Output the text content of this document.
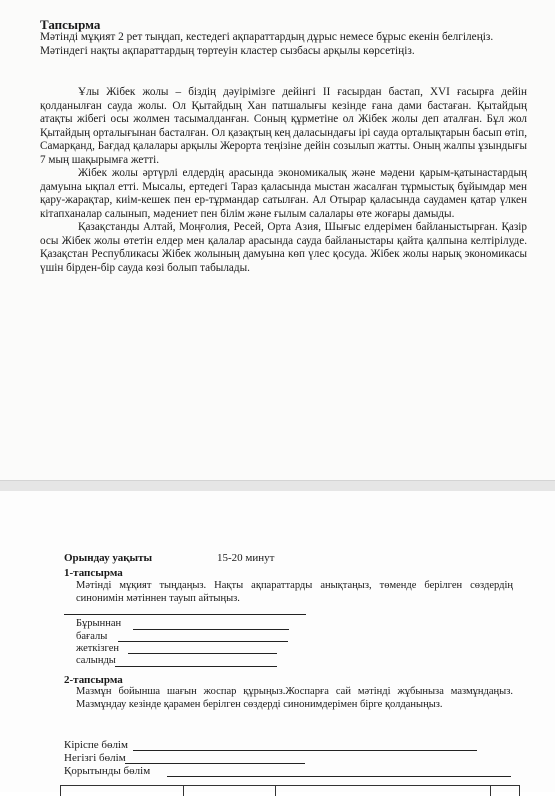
Тапсырма

Мәтінді мұқият 2 рет тыңдап, кестедегі ақпараттардың дұрыс немесе бұрыс екенін белгілеңіз. Мәтіндегі нақты ақпараттардың төртеуін кластер сызбасы арқылы көрсетіңіз.

Ұлы Жібек жолы – біздің дәуірімізге дейінгі II ғасырдан бастап, XVI ғасырға дейін қолданылған сауда жолы. Ол Қытайдың Хан патшалығы кезінде ғана дами бастаған. Қытайдың атақты жібегі осы жолмен тасымалданған. Соның құрметіне ол Жібек жолы деп аталған. Бұл жол Қытайдың орталығынан басталған. Ол қазақтың кең даласындағы ірі сауда орталықтарын басып өтіп, Самарқанд, Бағдад қалалары арқылы Жерорта теңізіне дейін созылып жатты. Оның жалпы ұзындығы 7 мың шақырымға жетті.

Жібек жолы әртүрлі елдердің арасында экономикалық және мәдени қарым-қатынастардың дамуына ықпал етті. Мысалы, ертедегі Тараз қаласында мыстан жасалған тұрмыстық бұйымдар мен қару-жарақтар, киім-кешек пен ер-тұрмандар сатылған. Ал Отырар қаласында саудамен қатар үлкен кітапханалар салынып, мәдениет пен білім және ғылым салалары өте жоғары дамыды.

Қазақстанды Алтай, Моңғолия, Ресей, Орта Азия, Шығыс елдерімен байланыстырған. Қазір осы Жібек жолы өтетін елдер мен қалалар арасында сауда байланыстары қайта қалпына келтірілуде. Қазақстан Республикасы Жібек жолының дамуына көп үлес қосуда. Жібек жолы нарық экономикасы үшін бірден-бір сауда көзі болып табылады.

Орындау уақыты	15-20 минут
1-тапсырма
Мәтінді мұқият тыңдаңыз. Нақты ақпараттарды анықтаңыз, төменде берілген сөздердің синонимін мәтіннен тауып айтыңыз.
Бұрыннан
бағалы
жеткізген
салынды
2-тапсырма
Мазмұн бойынша шағын жоспар құрыңыз.Жоспарға сай мәтінді жұбыныза мазмұндаңыз. Мазмұндау кезінде қарамен берілген сөздерді синонимдерімен бірге қолданыңыз.
Кіріспе бөлім
Негізгі бөлім
Қорытынды бөлім
